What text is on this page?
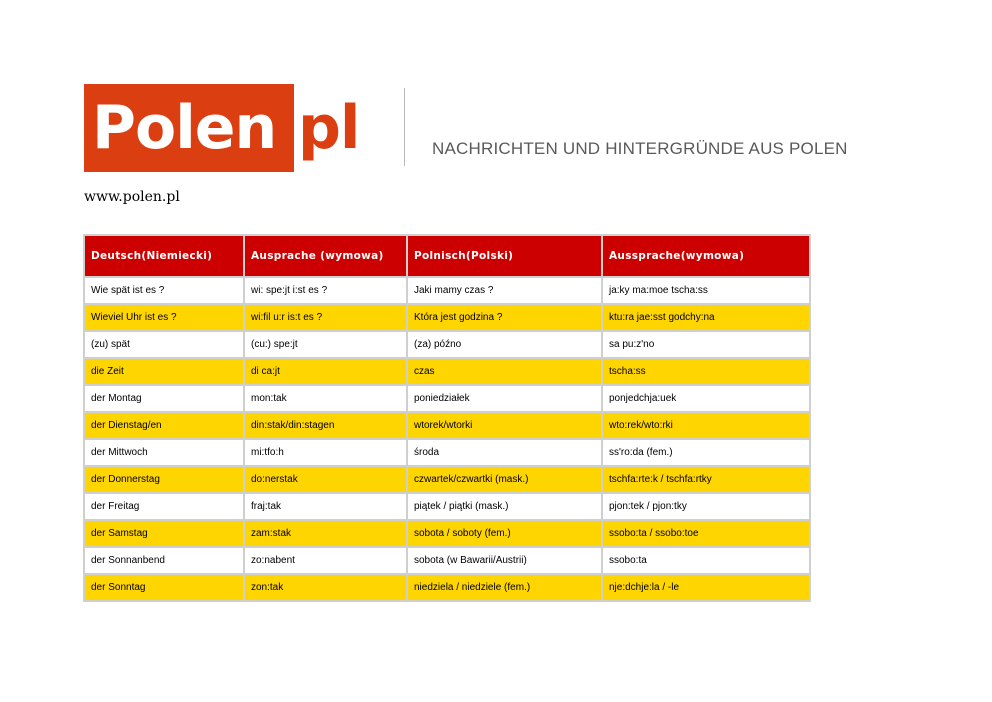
Polen.pl	NACHRICHTEN UND HINTERGRÜNDE AUS POLEN
www.polen.pl
Deutsch(Niemiecki)	Ausprache (wymowa)	Polnisch(Polski)	Aussprache(wymowa)
Wie spät ist es ?	wi: spe:jt i:st es ?	Jaki mamy czas ?	ja:ky ma:moe tscha:ss
Wieviel Uhr ist es ?	wi:fil u:r is:t es ?	Która jest godzina ?	ktu:ra jae:sst godchy:na
(zu) spät	(cu:) spe:jt	(za) późno	sa pu:z'no
die Zeit	di ca:jt	czas	tscha:ss
der Montag	mon:tak	poniedziałek	ponjedchja:uek
der Dienstag/en	din:stak/din:stagen	wtorek/wtorki	wto:rek/wto:rki
der Mittwoch	mi:tfo:h	środa	ss'ro:da (fem.)
der Donnerstag	do:nerstak	czwartek/czwartki (mask.)	tschfa:rte:k / tschfa:rtky
der Freitag	fraj:tak	piątek / piątki (mask.)	pjon:tek / pjon:tky
der Samstag	zam:stak	sobota / soboty (fem.)	ssobo:ta / ssobo:toe
der Sonnanbend	zo:nabent	sobota (w Bawarii/Austrii)	ssobo:ta
der Sonntag	zon:tak	niedziela / niedziele (fem.)	nje:dchje:la / -le
